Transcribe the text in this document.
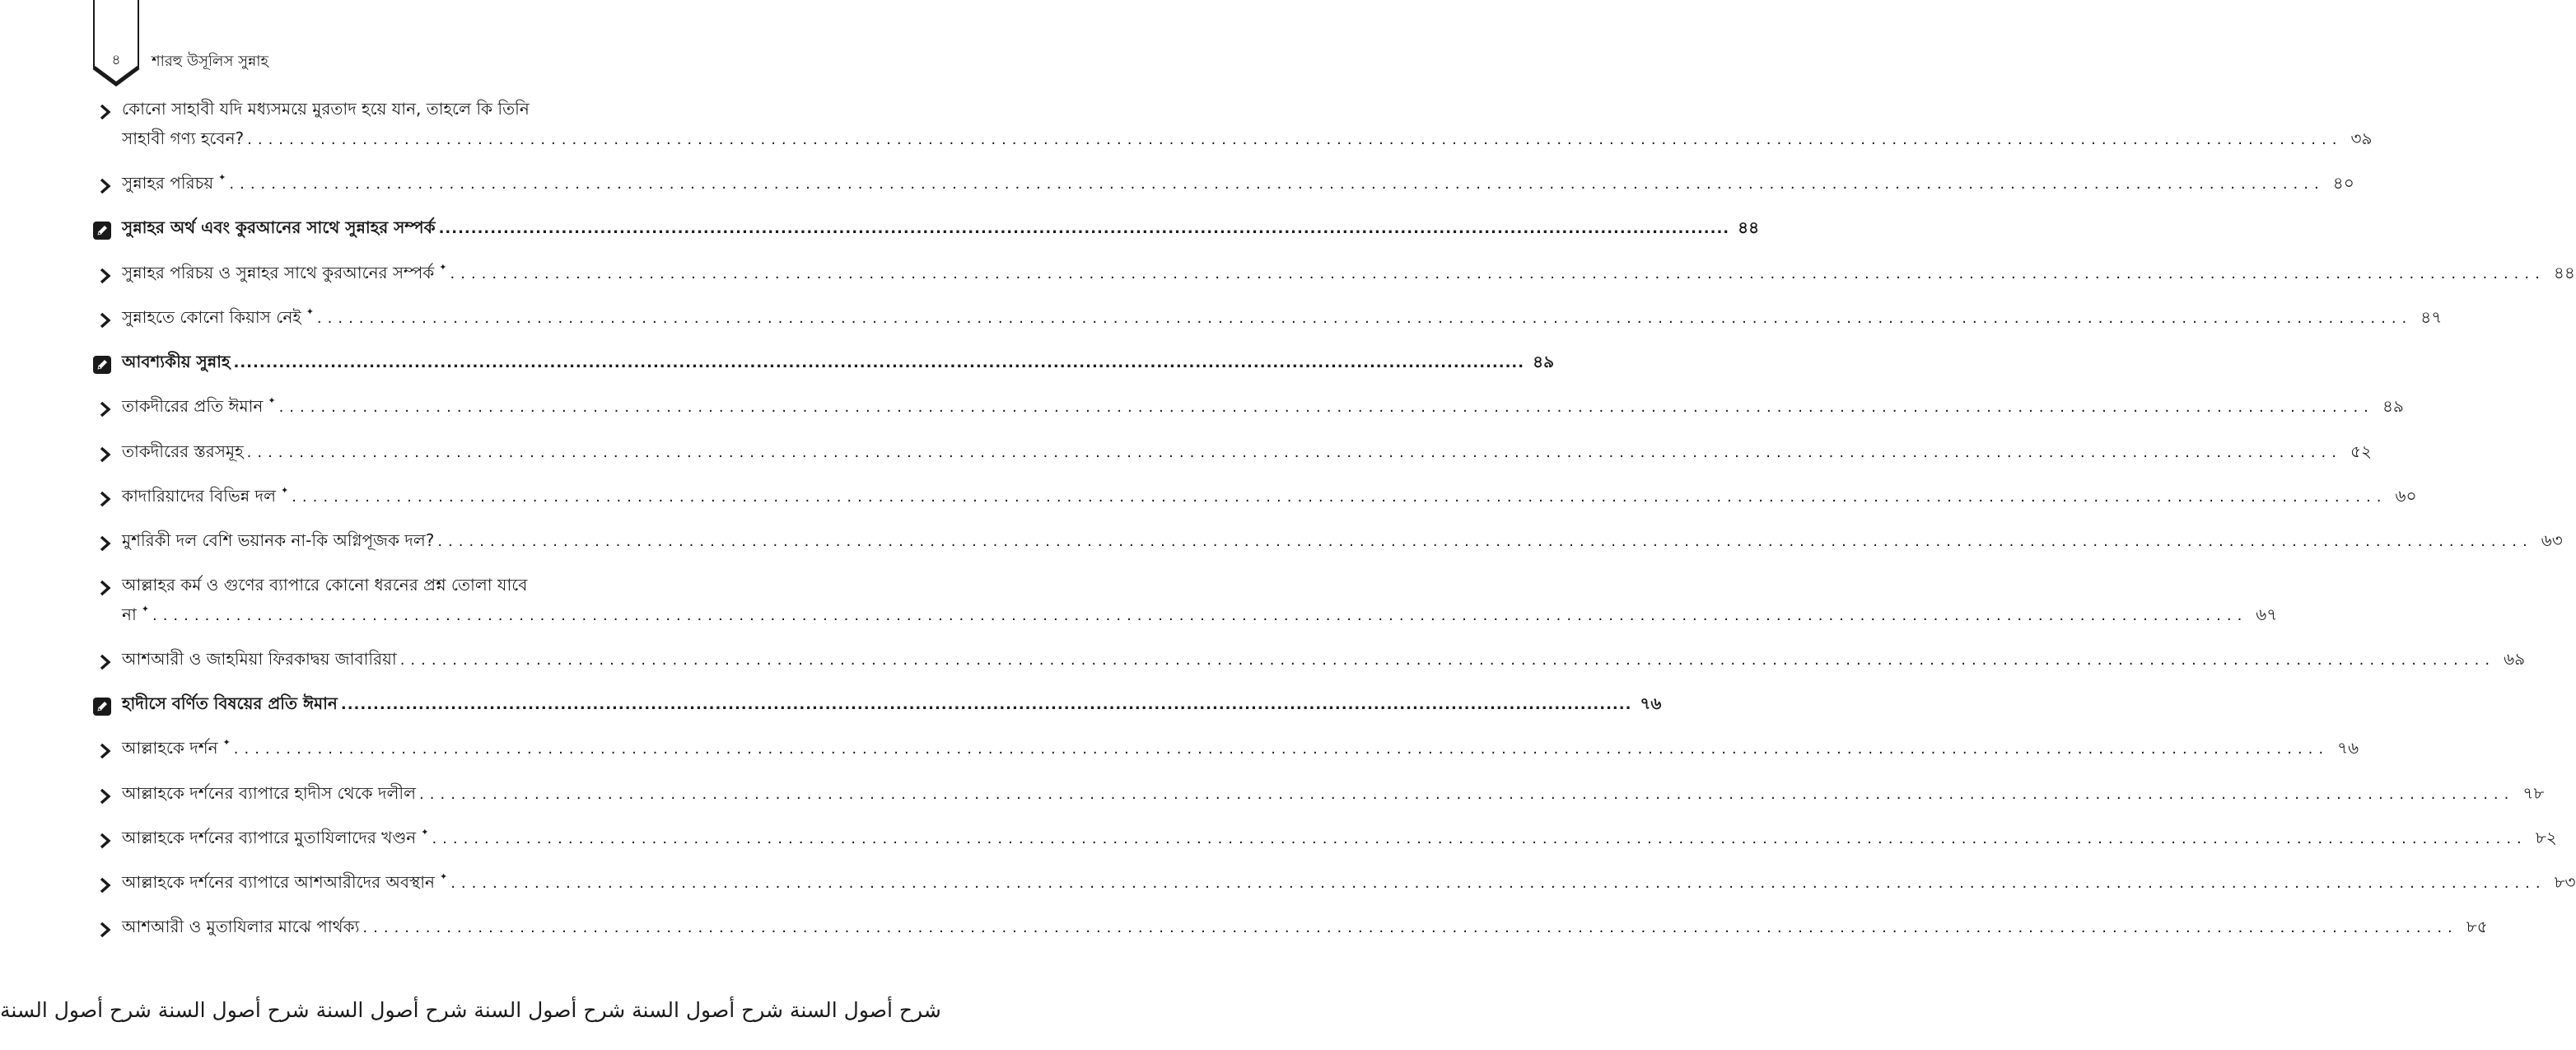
৪	শারহু উসূলিস সুন্নাহ
কোনো সাহাবী যদি মধ্যসময়ে মুরতাদ হয়ে যান, তাহলে কি তিনি
সাহাবী গণ্য হবেন? ........................................................................................................................................................................................................ ৩৯
সুন্নাহর পরিচয় ✦ ........................................................................................................................................................................................................ ৪০
সুন্নাহর অর্থ এবং কুরআনের সাথে সুন্নাহর সম্পর্ক ........................................................................................................................................................................................................ ৪৪
সুন্নাহর পরিচয় ও সুন্নাহর সাথে কুরআনের সম্পর্ক ✦ ........................................................................................................................................................................................................ ৪৪
সুন্নাহতে কোনো কিয়াস নেই ✦ ........................................................................................................................................................................................................ ৪৭
আবশ্যকীয় সুন্নাহ ........................................................................................................................................................................................................ ৪৯
তাকদীরের প্রতি ঈমান ✦ ........................................................................................................................................................................................................ ৪৯
তাকদীরের স্তরসমূহ ........................................................................................................................................................................................................ ৫২
কাদারিয়াদের বিভিন্ন দল ✦ ........................................................................................................................................................................................................ ৬০
মুশরিকী দল বেশি ভয়ানক না-কি অগ্নিপূজক দল? ........................................................................................................................................................................................................ ৬৩
আল্লাহর কর্ম ও গুণের ব্যাপারে কোনো ধরনের প্রশ্ন তোলা যাবে
না ✦ ........................................................................................................................................................................................................ ৬৭
আশআরী ও জাহমিয়া ফিরকাদ্বয় জাবারিয়া ........................................................................................................................................................................................................ ৬৯
হাদীসে বর্ণিত বিষয়ের প্রতি ঈমান ........................................................................................................................................................................................................ ৭৬
আল্লাহকে দর্শন ✦ ........................................................................................................................................................................................................ ৭৬
আল্লাহকে দর্শনের ব্যাপারে হাদীস থেকে দলীল ........................................................................................................................................................................................................ ৭৮
আল্লাহকে দর্শনের ব্যাপারে মুতাযিলাদের খণ্ডন ✦ ........................................................................................................................................................................................................ ৮২
আল্লাহকে দর্শনের ব্যাপারে আশআরীদের অবস্থান ✦ ........................................................................................................................................................................................................ ৮৩
আশআরী ও মুতাযিলার মাঝে পার্থক্য ........................................................................................................................................................................................................ ৮৫
شرح أصول السنة شرح أصول السنة شرح أصول السنة شرح أصول السنة شرح أصول السنة شرح أصول السنة
